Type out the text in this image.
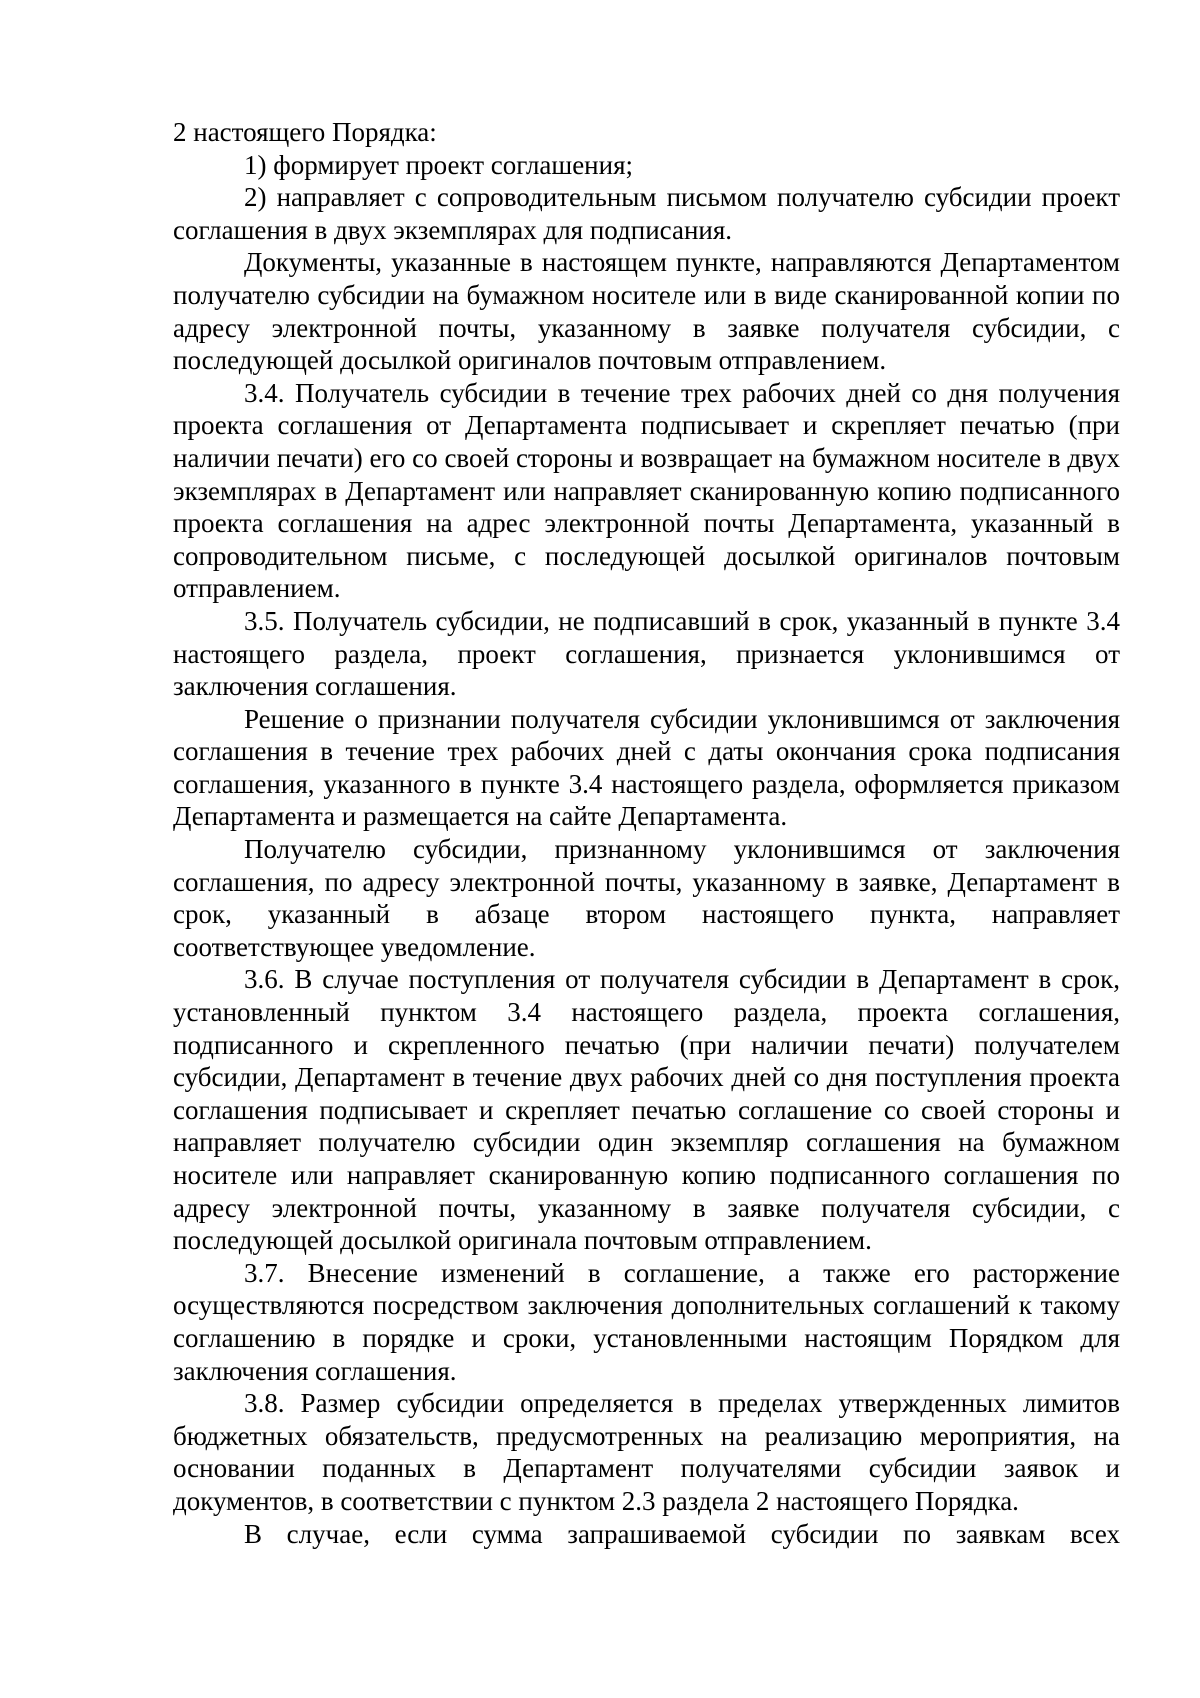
2 настоящего Порядка:

1) формирует проект соглашения;

2) направляет с сопроводительным письмом получателю субсидии проект соглашения в двух экземплярах для подписания.

Документы, указанные в настоящем пункте, направляются Департаментом получателю субсидии на бумажном носителе или в виде сканированной копии по адресу электронной почты, указанному в заявке получателя субсидии, с последующей досылкой оригиналов почтовым отправлением.

3.4. Получатель субсидии в течение трех рабочих дней со дня получения проекта соглашения от Департамента подписывает и скрепляет печатью (при наличии печати) его со своей стороны и возвращает на бумажном носителе в двух экземплярах в Департамент или направляет сканированную копию подписанного проекта соглашения на адрес электронной почты Департамента, указанный в сопроводительном письме, с последующей досылкой оригиналов почтовым отправлением.

3.5. Получатель субсидии, не подписавший в срок, указанный в пункте 3.4 настоящего раздела, проект соглашения, признается уклонившимся от заключения соглашения.

Решение о признании получателя субсидии уклонившимся от заключения соглашения в течение трех рабочих дней с даты окончания срока подписания соглашения, указанного в пункте 3.4 настоящего раздела, оформляется приказом Департамента и размещается на сайте Департамента.

Получателю субсидии, признанному уклонившимся от заключения соглашения, по адресу электронной почты, указанному в заявке, Департамент в срок, указанный в абзаце втором настоящего пункта, направляет соответствующее уведомление.

3.6. В случае поступления от получателя субсидии в Департамент в срок, установленный пунктом 3.4 настоящего раздела, проекта соглашения, подписанного и скрепленного печатью (при наличии печати) получателем субсидии, Департамент в течение двух рабочих дней со дня поступления проекта соглашения подписывает и скрепляет печатью соглашение со своей стороны и направляет получателю субсидии один экземпляр соглашения на бумажном носителе или направляет сканированную копию подписанного соглашения по адресу электронной почты, указанному в заявке получателя субсидии, с последующей досылкой оригинала почтовым отправлением.

3.7. Внесение изменений в соглашение, а также его расторжение осуществляются посредством заключения дополнительных соглашений к такому соглашению в порядке и сроки, установленными настоящим Порядком для заключения соглашения.

3.8. Размер субсидии определяется в пределах утвержденных лимитов бюджетных обязательств, предусмотренных на реализацию мероприятия, на основании поданных в Департамент получателями субсидии заявок и документов, в соответствии с пунктом 2.3 раздела 2 настоящего Порядка.

В случае, если сумма запрашиваемой субсидии по заявкам всех
